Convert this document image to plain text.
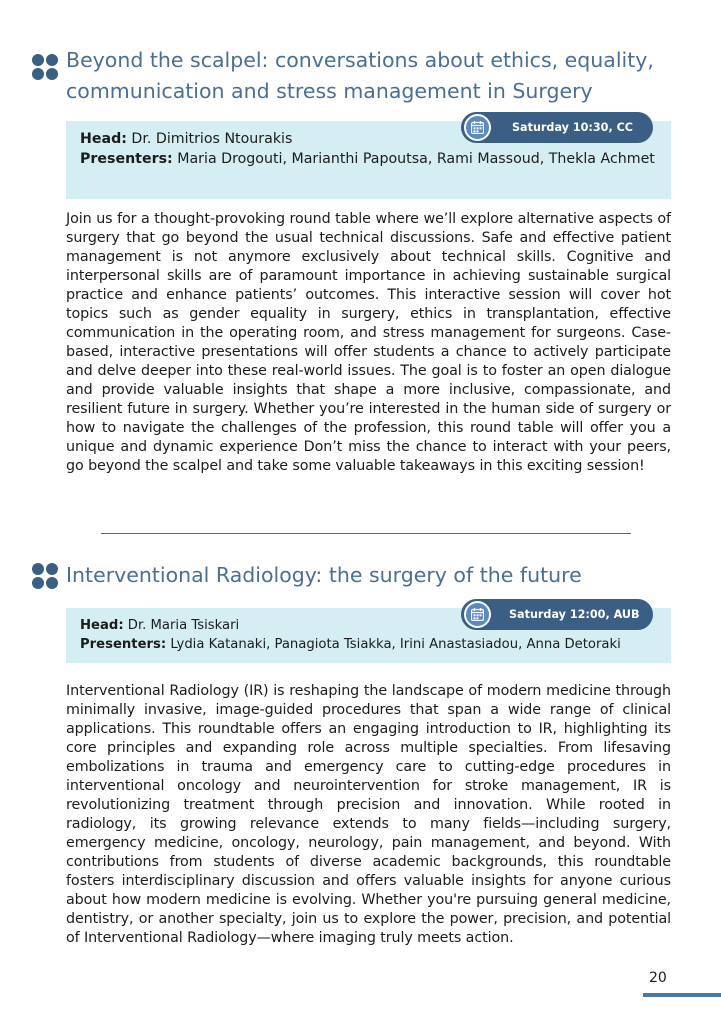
Beyond the scalpel: conversations about ethics, equality, communication and stress management in Surgery

Head: Dr. Dimitrios Ntourakis

Presenters: Maria Drogouti, Marianthi Papoutsa, Rami Massoud, Thekla Achmet

Saturday 10:30, CC

Join us for a thought-provoking round table where we’ll explore alternative aspects of surgery that go beyond the usual technical discussions. Safe and effective patient management is not anymore exclusively about technical skills. Cognitive and interpersonal skills are of paramount importance in achieving sustainable surgical practice and enhance patients’ outcomes. This interactive session will cover hot topics such as gender equality in surgery, ethics in transplantation, effective communication in the operating room, and stress management for surgeons. Case-based, interactive presentations will offer students a chance to actively participate and delve deeper into these real-world issues. The goal is to foster an open dialogue and provide valuable insights that shape a more inclusive, compassionate, and resilient future in surgery. Whether you’re interested in the human side of surgery or how to navigate the challenges of the profession, this round table will offer you a unique and dynamic experience Don’t miss the chance to interact with your peers, go beyond the scalpel and take some valuable takeaways in this exciting session!

Interventional Radiology: the surgery of the future

Head: Dr. Maria Tsiskari

Presenters: Lydia Katanaki, Panagiota Tsiakka, Irini Anastasiadou, Anna Detoraki

Saturday 12:00, AUB

Interventional Radiology (IR) is reshaping the landscape of modern medicine through minimally invasive, image-guided procedures that span a wide range of clinical applications. This roundtable offers an engaging introduction to IR, highlighting its core principles and expanding role across multiple specialties. From lifesaving embolizations in trauma and emergency care to cutting-edge procedures in interventional oncology and neurointervention for stroke management, IR is revolutionizing treatment through precision and innovation. While rooted in radiology, its growing relevance extends to many fields—including surgery, emergency medicine, oncology, neurology, pain management, and beyond. With contributions from students of diverse academic backgrounds, this roundtable fosters interdisciplinary discussion and offers valuable insights for anyone curious about how modern medicine is evolving. Whether you're pursuing general medicine, dentistry, or another specialty, join us to explore the power, precision, and potential of Interventional Radiology—where imaging truly meets action.

20
